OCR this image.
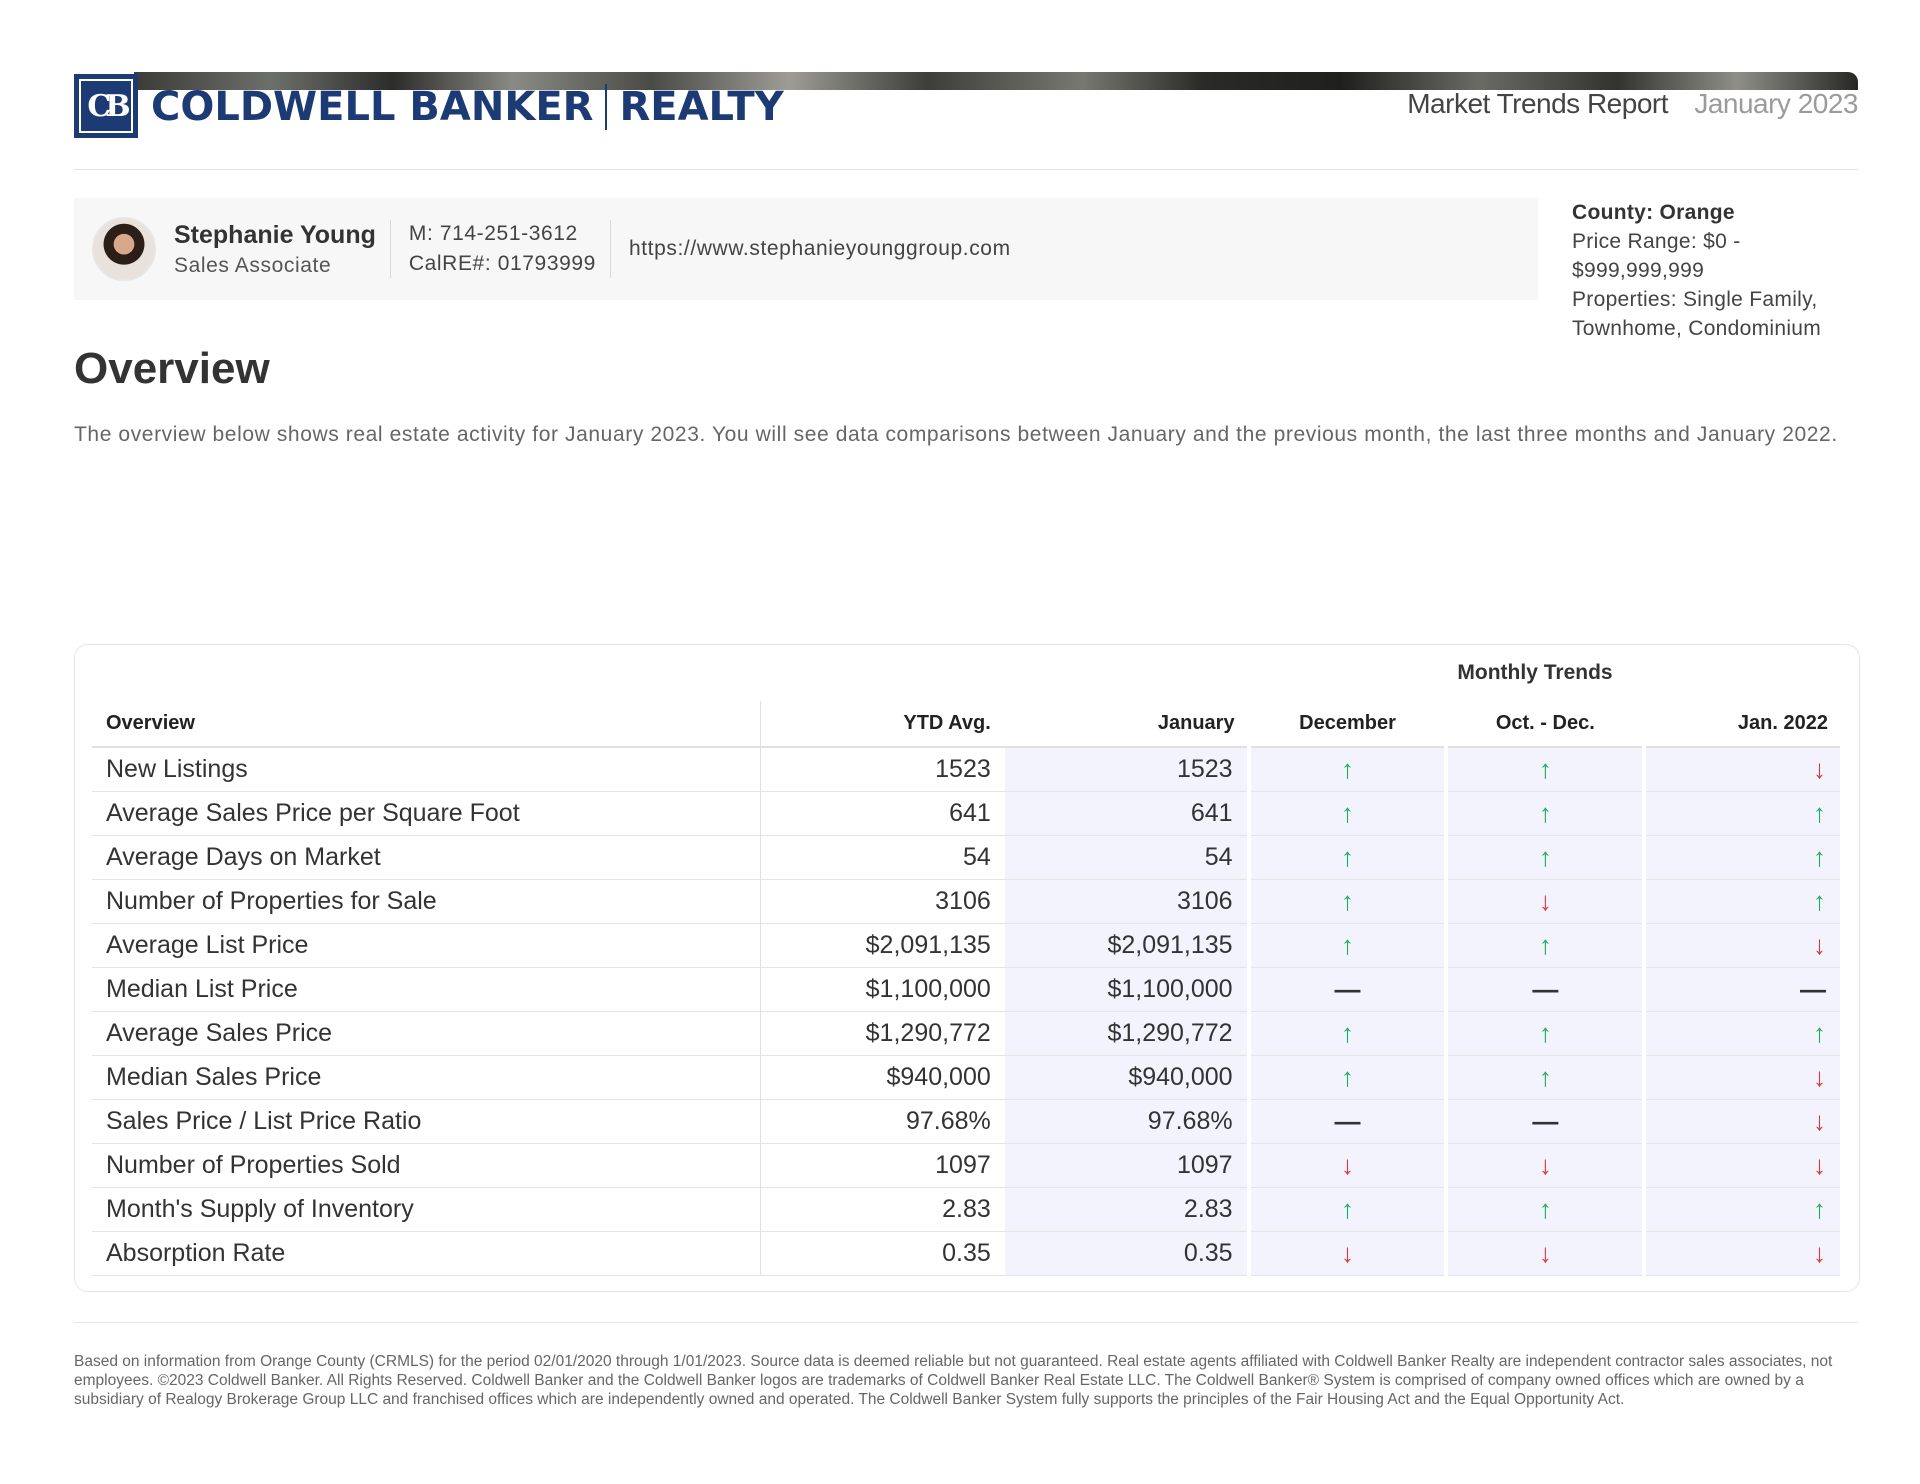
CB COLDWELL BANKER REALTY	Market Trends Report January 2023
Stephanie Young
Sales Associate
M: 714-251-3612
CalRE#: 01793999
https://www.stephanieyounggroup.com
County: Orange
Price Range: $0 - $999,999,999
Properties: Single Family, Townhome, Condominium
Overview

The overview below shows real estate activity for January 2023. You will see data comparisons between January and the previous month, the last three months and January 2022.

Monthly Trends
Overview	YTD Avg.	January	December	Oct. - Dec.	Jan. 2022
New Listings	1523	1523	↑	↑	↓
Average Sales Price per Square Foot	641	641	↑	↑	↑
Average Days on Market	54	54	↑	↑	↑
Number of Properties for Sale	3106	3106	↑	↓	↑
Average List Price	$2,091,135	$2,091,135	↑	↑	↓
Median List Price	$1,100,000	$1,100,000	—	—	—
Average Sales Price	$1,290,772	$1,290,772	↑	↑	↑
Median Sales Price	$940,000	$940,000	↑	↑	↓
Sales Price / List Price Ratio	97.68%	97.68%	—	—	↓
Number of Properties Sold	1097	1097	↓	↓	↓
Month's Supply of Inventory	2.83	2.83	↑	↑	↑
Absorption Rate	0.35	0.35	↓	↓	↓

Based on information from Orange County (CRMLS) for the period 02/01/2020 through 1/01/2023. Source data is deemed reliable but not guaranteed. Real estate agents affiliated with Coldwell Banker Realty are independent contractor sales associates, not employees. ©2023 Coldwell Banker. All Rights Reserved. Coldwell Banker and the Coldwell Banker logos are trademarks of Coldwell Banker Real Estate LLC. The Coldwell Banker® System is comprised of company owned offices which are owned by a subsidiary of Realogy Brokerage Group LLC and franchised offices which are independently owned and operated. The Coldwell Banker System fully supports the principles of the Fair Housing Act and the Equal Opportunity Act.
